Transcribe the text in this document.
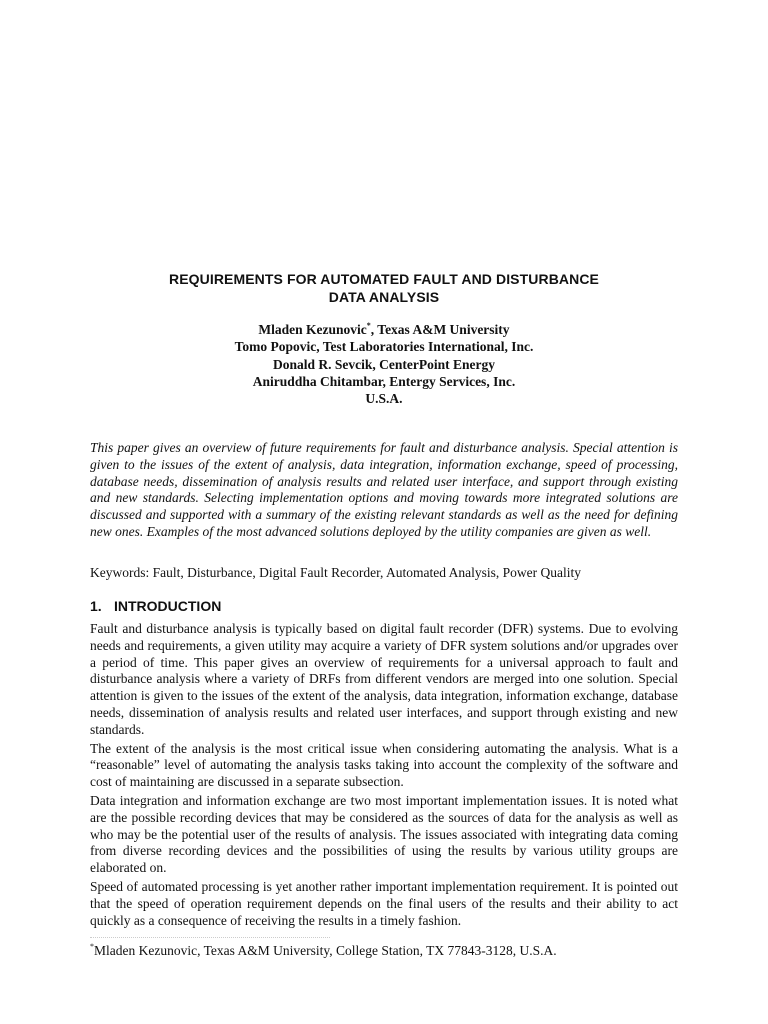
REQUIREMENTS FOR AUTOMATED FAULT AND DISTURBANCE
DATA ANALYSIS
Mladen Kezunovic*, Texas A&M University
Tomo Popovic, Test Laboratories International, Inc.
Donald R. Sevcik, CenterPoint Energy
Aniruddha Chitambar, Entergy Services, Inc.
U.S.A.

This paper gives an overview of future requirements for fault and disturbance analysis. Special attention is given to the issues of the extent of analysis, data integration, information exchange, speed of processing, database needs, dissemination of analysis results and related user interface, and support through existing and new standards. Selecting implementation options and moving towards more integrated solutions are discussed and supported with a summary of the existing relevant standards as well as the need for defining new ones. Examples of the most advanced solutions deployed by the utility companies are given as well.

Keywords: Fault, Disturbance, Digital Fault Recorder, Automated Analysis, Power Quality

1. INTRODUCTION

Fault and disturbance analysis is typically based on digital fault recorder (DFR) systems. Due to evolving needs and requirements, a given utility may acquire a variety of DFR system solutions and/or upgrades over a period of time. This paper gives an overview of requirements for a universal approach to fault and disturbance analysis where a variety of DRFs from different vendors are merged into one solution. Special attention is given to the issues of the extent of the analysis, data integration, information exchange, database needs, dissemination of analysis results and related user interfaces, and support through existing and new standards.

The extent of the analysis is the most critical issue when considering automating the analysis. What is a “reasonable” level of automating the analysis tasks taking into account the complexity of the software and cost of maintaining are discussed in a separate subsection.

Data integration and information exchange are two most important implementation issues. It is noted what are the possible recording devices that may be considered as the sources of data for the analysis as well as who may be the potential user of the results of analysis. The issues associated with integrating data coming from diverse recording devices and the possibilities of using the results by various utility groups are elaborated on.

Speed of automated processing is yet another rather important implementation requirement. It is pointed out that the speed of operation requirement depends on the final users of the results and their ability to act quickly as a consequence of receiving the results in a timely fashion.

*Mladen Kezunovic, Texas A&M University, College Station, TX 77843-3128, U.S.A.
